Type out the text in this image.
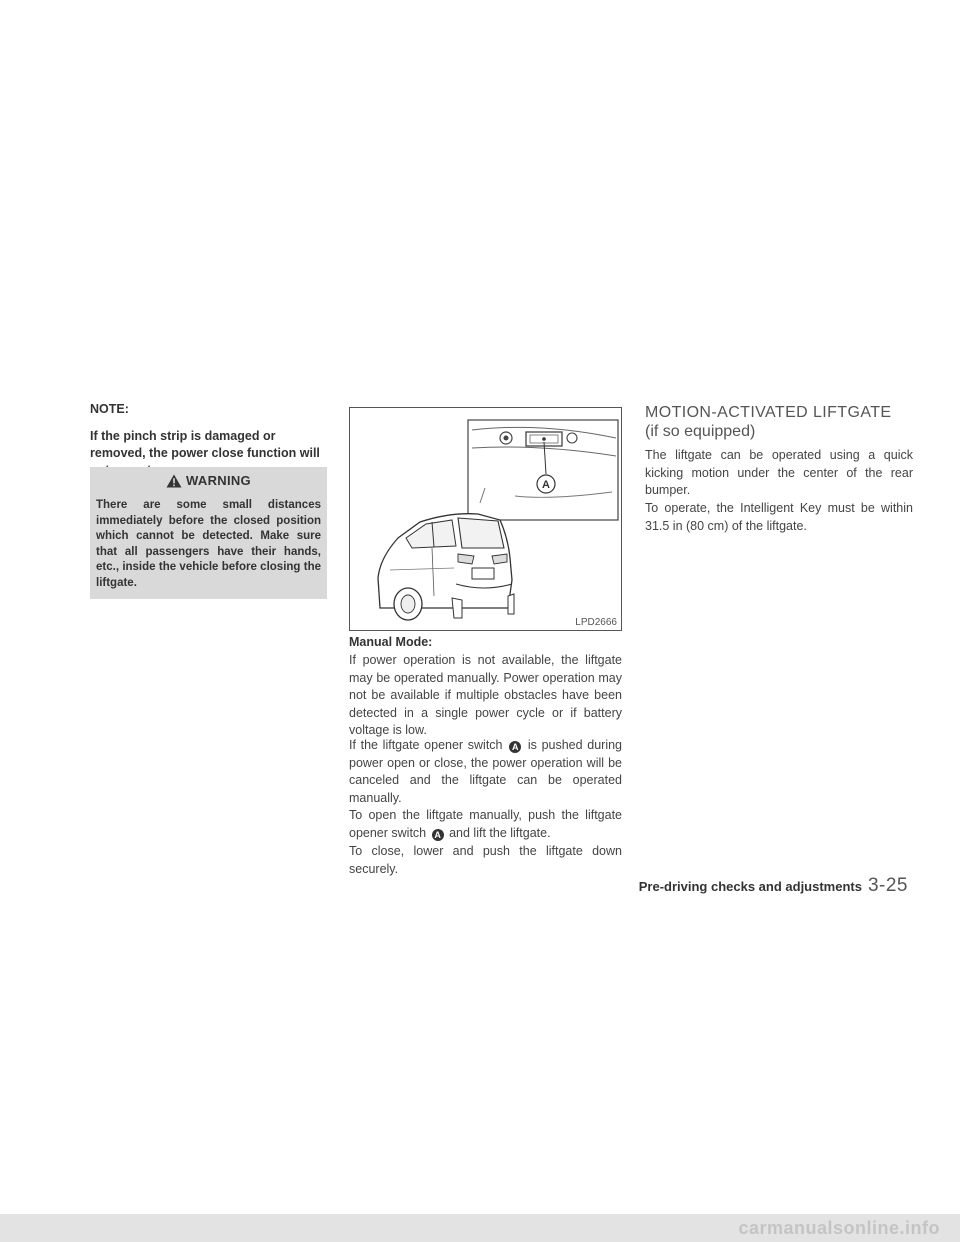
NOTE:
If the pinch strip is damaged or removed, the power close function will
WARNING
There are some small distances immediately before the closed position which cannot be detected. Make sure that all passengers have their hands, etc., inside the vehicle before closing the liftgate.
A
LPD2666
Manual Mode:
If power operation is not available, the liftgate may be operated manually. Power operation may not be available if multiple obstacles have been detected in a single power cycle or if battery voltage is low.
If the liftgate opener switch A is pushed during power open or close, the power operation will be canceled and the liftgate can be operated manually.
To open the liftgate manually, push the liftgate opener switch A and lift the liftgate.
To close, lower and push the liftgate down securely.
MOTION-ACTIVATED LIFTGATE
(if so equipped)
The liftgate can be operated using a quick kicking motion under the center of the rear bumper.
To operate, the Intelligent Key must be within 31.5 in (80 cm) of the liftgate.
Pre-driving checks and adjustments 3-25
carmanualsonline.info
